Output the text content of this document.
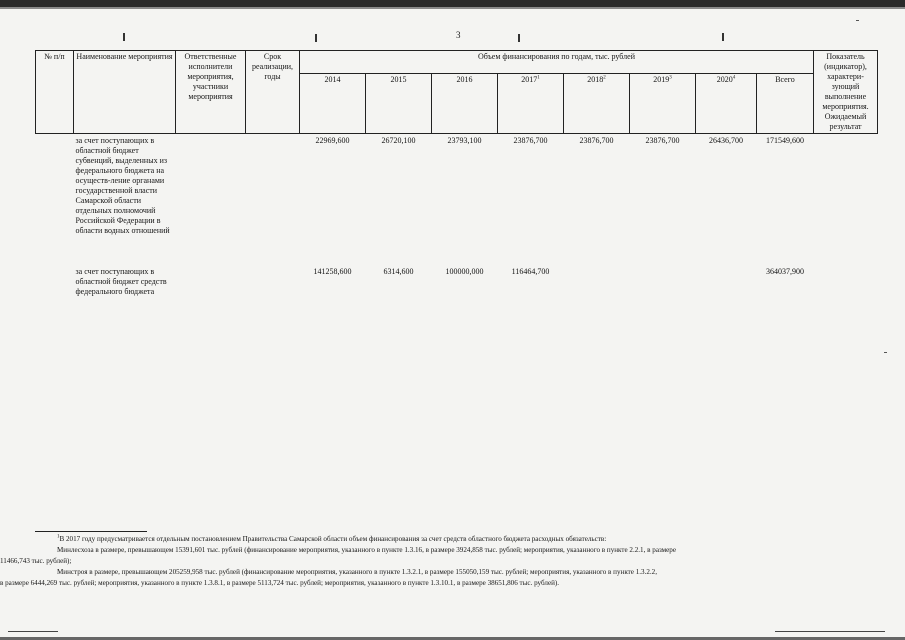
3
№ п/п	Наименование мероприятия	Ответственные исполнители мероприятия, участники мероприятия	Срок реализации, годы	Объем финансирования по годам, тыс. рублей								Показатель (индикатор), характери-зующий выполнение мероприятия. Ожидаемый результат
				2014	2015	2016	2017$^1$	2018$^2$	2019$^3$	2020$^4$	Всего	
	за счет поступающих в областной бюджет субвенций, выделенных из федерального бюджета на осуществ-ление органами государственной власти Самарской области отдельных полномочий Российской Федерации в области водных отношений			22969,600	26720,100	23793,100	23876,700	23876,700	23876,700	26436,700	171549,600	
	за счет поступающих в областной бюджет средств федерального бюджета			141258,600	6314,600	100000,000	116464,700				364037,900	

$^1$В 2017 году предусматривается отдельным постановлением Правительства Самарской области объем финансирования за счет средств областного бюджета расходных обязательств:

Минлесхоза в размере, превышающем 15391,601 тыс. рублей (финансирование мероприятия, указанного в пункте 1.3.16, в размере 3924,858 тыс. рублей; мероприятия, указанного в пункте 2.2.1, в размере

11466,743 тыс. рублей);

Минстроя в размере, превышающем 205259,958 тыс. рублей (финансирование мероприятия, указанного в пункте 1.3.2.1, в размере 155050,159 тыс. рублей; мероприятия, указанного в пункте 1.3.2.2,

в размере 6444,269 тыс. рублей; мероприятия, указанного в пункте 1.3.8.1, в размере 5113,724 тыс. рублей; мероприятия, указанного в пункте 1.3.10.1, в размере 38651,806 тыс. рублей).
